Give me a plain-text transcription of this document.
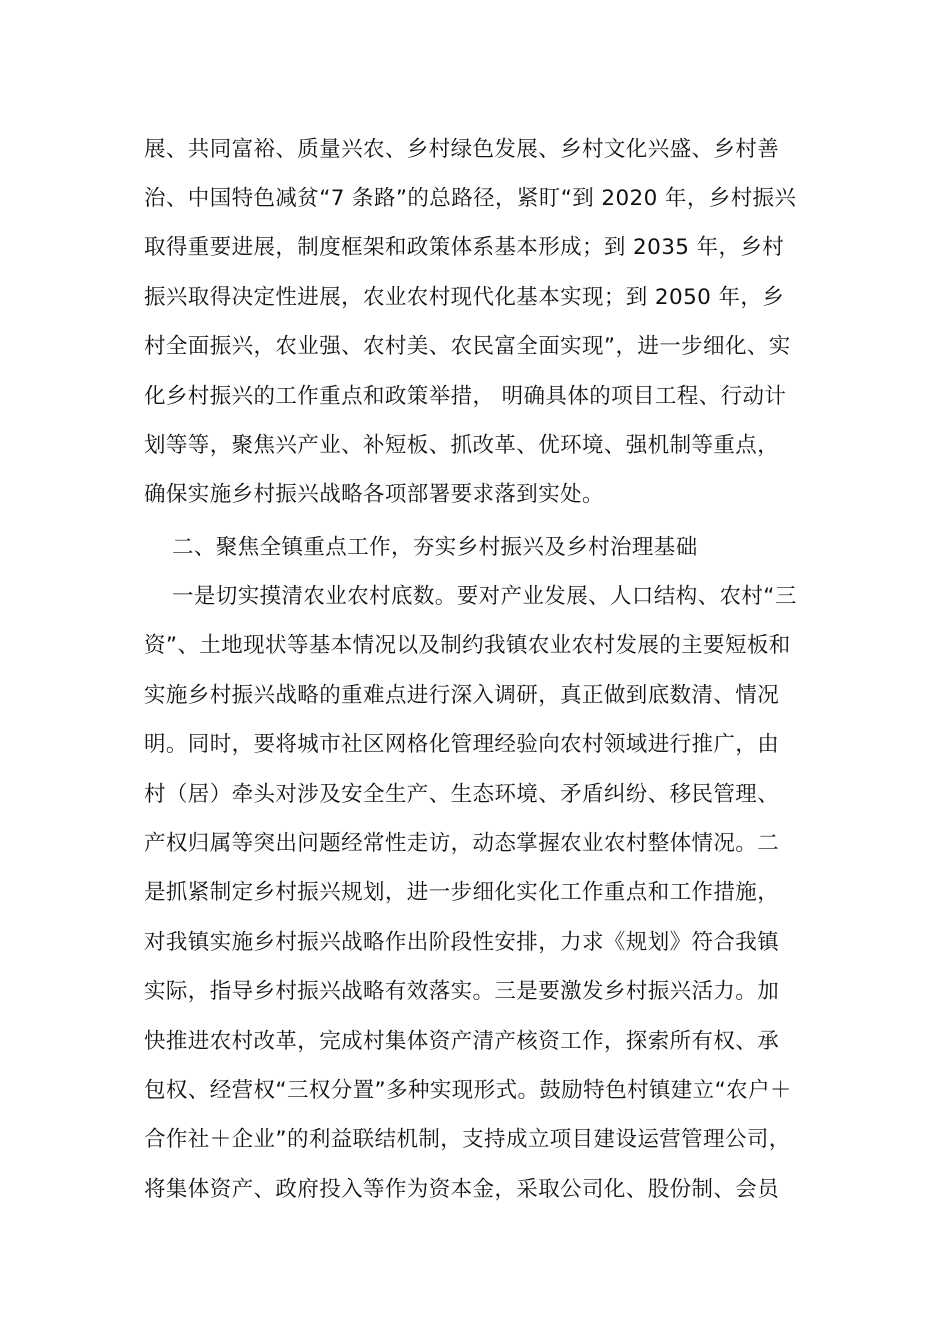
展、共同富裕、质量兴农、乡村绿色发展、乡村文化兴盛、乡村善
治、中国特色减贫“7 条路”的总路径，紧盯“到 2020 年，乡村振兴
取得重要进展，制度框架和政策体系基本形成；到 2035 年，乡村
振兴取得决定性进展，农业农村现代化基本实现；到 2050 年，乡
村全面振兴，农业强、农村美、农民富全面实现”，进一步细化、实
化乡村振兴的工作重点和政策举措， 明确具体的项目工程、行动计
划等等，聚焦兴产业、补短板、抓改革、优环境、强机制等重点，
确保实施乡村振兴战略各项部署要求落到实处。
二、聚焦全镇重点工作，夯实乡村振兴及乡村治理基础
一是切实摸清农业农村底数。要对产业发展、人口结构、农村“三
资”、土地现状等基本情况以及制约我镇农业农村发展的主要短板和
实施乡村振兴战略的重难点进行深入调研，真正做到底数清、情况
明。同时，要将城市社区网格化管理经验向农村领域进行推广，由
村（居）牵头对涉及安全生产、生态环境、矛盾纠纷、移民管理、
产权归属等突出问题经常性走访，动态掌握农业农村整体情况。二
是抓紧制定乡村振兴规划，进一步细化实化工作重点和工作措施，
对我镇实施乡村振兴战略作出阶段性安排，力求《规划》符合我镇
实际，指导乡村振兴战略有效落实。三是要激发乡村振兴活力。加
快推进农村改革，完成村集体资产清产核资工作，探索所有权、承
包权、经营权“三权分置”多种实现形式。鼓励特色村镇建立“农户＋
合作社＋企业”的利益联结机制，支持成立项目建设运营管理公司，
将集体资产、政府投入等作为资本金，采取公司化、股份制、会员
